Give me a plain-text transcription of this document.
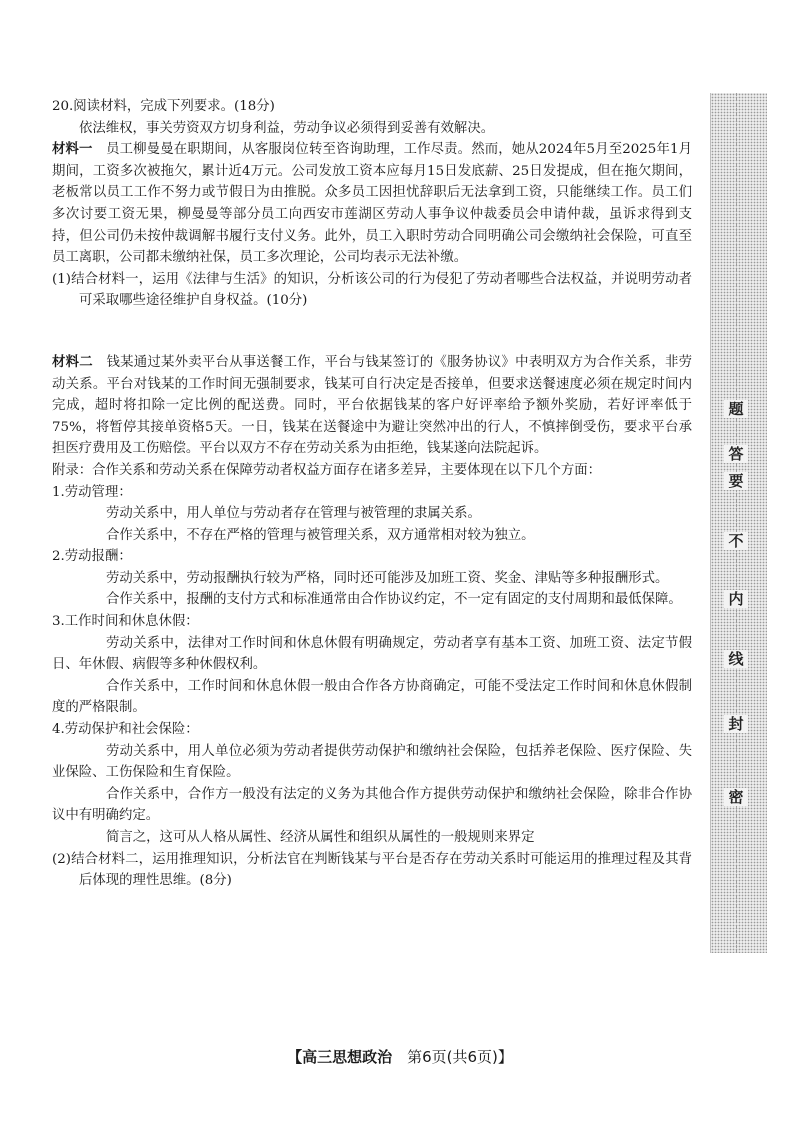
20.阅读材料，完成下列要求。(18分)

依法维权，事关劳资双方切身利益，劳动争议必须得到妥善有效解决。

材料一　 员工柳曼曼在职期间，从客服岗位转至咨询助理，工作尽责。然而，她从2024年5月至2025年1月期间，工资多次被拖欠，累计近4万元。公司发放工资本应每月15日发底薪、25日发提成，但在拖欠期间，老板常以员工工作不努力或节假日为由推脱。众多员工因担忧辞职后无法拿到工资，只能继续工作。员工们多次讨要工资无果，柳曼曼等部分员工向西安市莲湖区劳动人事争议仲裁委员会申请仲裁，虽诉求得到支持，但公司仍未按仲裁调解书履行支付义务。此外，员工入职时劳动合同明确公司会缴纳社会保险，可直至员工离职，公司都未缴纳社保，员工多次理论，公司均表示无法补缴。

(1)结合材料一，运用《法律与生活》的知识，分析该公司的行为侵犯了劳动者哪些合法权益，并说明劳动者可采取哪些途径维护自身权益。(10分)

材料二　 钱某通过某外卖平台从事送餐工作，平台与钱某签订的《服务协议》中表明双方为合作关系，非劳动关系。平台对钱某的工作时间无强制要求，钱某可自行决定是否接单，但要求送餐速度必须在规定时间内完成，超时将扣除一定比例的配送费。同时，平台依据钱某的客户好评率给予额外奖励，若好评率低于75%，将暂停其接单资格5天。一日，钱某在送餐途中为避让突然冲出的行人，不慎摔倒受伤，要求平台承担医疗费用及工伤赔偿。平台以双方不存在劳动关系为由拒绝，钱某遂向法院起诉。

附录：合作关系和劳动关系在保障劳动者权益方面存在诸多差异，主要体现在以下几个方面：

1.劳动管理：

劳动关系中，用人单位与劳动者存在管理与被管理的隶属关系。

合作关系中，不存在严格的管理与被管理关系，双方通常相对较为独立。

2.劳动报酬：

劳动关系中，劳动报酬执行较为严格，同时还可能涉及加班工资、奖金、津贴等多种报酬形式。

合作关系中，报酬的支付方式和标准通常由合作协议约定，不一定有固定的支付周期和最低保障。

3.工作时间和休息休假：

劳动关系中，法律对工作时间和休息休假有明确规定，劳动者享有基本工资、加班工资、法定节假日、年休假、病假等多种休假权利。

合作关系中，工作时间和休息休假一般由合作各方协商确定，可能不受法定工作时间和休息休假制度的严格限制。

4.劳动保护和社会保险：

劳动关系中，用人单位必须为劳动者提供劳动保护和缴纳社会保险，包括养老保险、医疗保险、失业保险、工伤保险和生育保险。

合作关系中，合作方一般没有法定的义务为其他合作方提供劳动保护和缴纳社会保险，除非合作协议中有明确约定。

简言之，这可从人格从属性、经济从属性和组织从属性的一般规则来界定

(2)结合材料二，运用推理知识，分析法官在判断钱某与平台是否存在劳动关系时可能运用的推理过程及其背后体现的理性思维。(8分)

密
封
线
内
不
要
答
题
【高三思想政治　 第6页(共6页)】
